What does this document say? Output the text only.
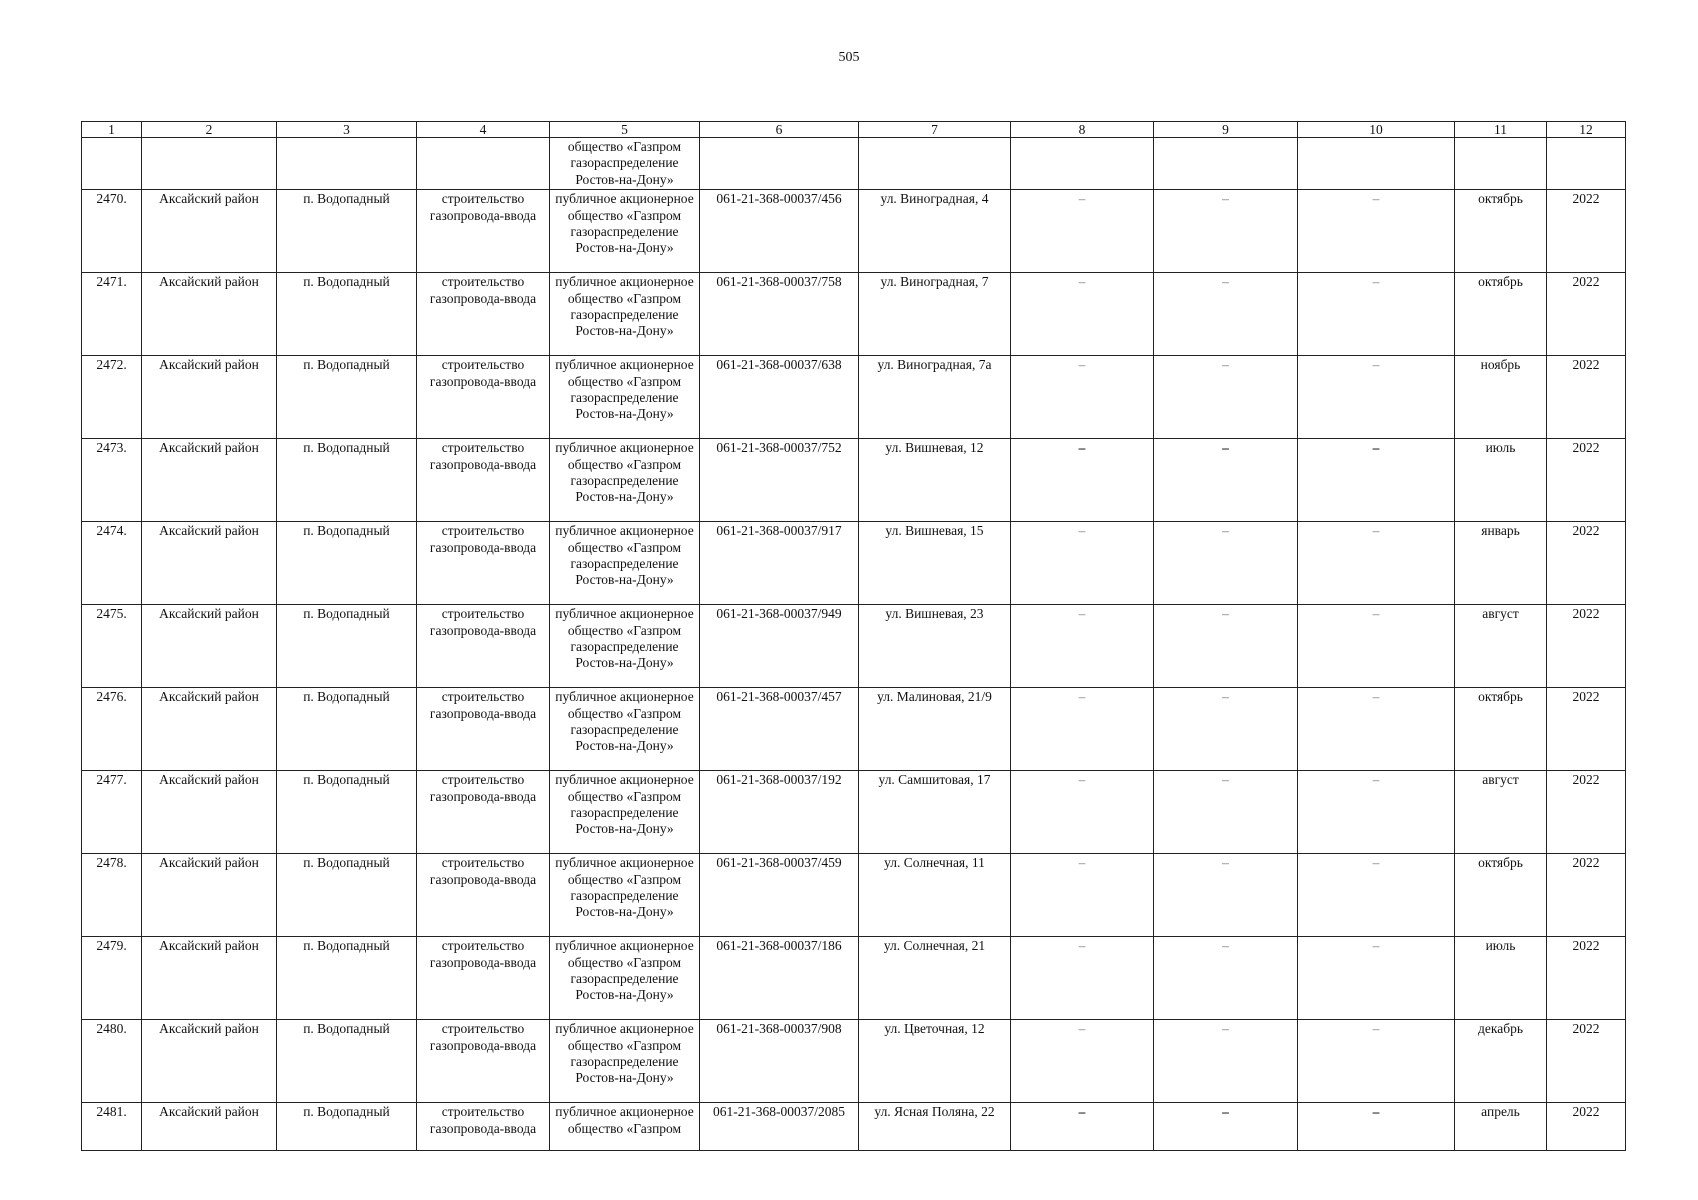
505
1	2	3	4	5	6	7	8	9	10	11	12
				общество «Газпром газораспределение Ростов-на-Дону»							
2470.	Аксайский район	п. Водопадный	строительство газопровода-ввода	публичное акционерное общество «Газпром газораспределение Ростов-на-Дону»	061-21-368-00037/456	ул. Виноградная, 4	–	–	–	октябрь	2022
2471.	Аксайский район	п. Водопадный	строительство газопровода-ввода	публичное акционерное общество «Газпром газораспределение Ростов-на-Дону»	061-21-368-00037/758	ул. Виноградная, 7	–	–	–	октябрь	2022
2472.	Аксайский район	п. Водопадный	строительство газопровода-ввода	публичное акционерное общество «Газпром газораспределение Ростов-на-Дону»	061-21-368-00037/638	ул. Виноградная, 7а	–	–	–	ноябрь	2022
2473.	Аксайский район	п. Водопадный	строительство газопровода-ввода	публичное акционерное общество «Газпром газораспределение Ростов-на-Дону»	061-21-368-00037/752	ул. Вишневая, 12	–	–	–	июль	2022
2474.	Аксайский район	п. Водопадный	строительство газопровода-ввода	публичное акционерное общество «Газпром газораспределение Ростов-на-Дону»	061-21-368-00037/917	ул. Вишневая, 15	–	–	–	январь	2022
2475.	Аксайский район	п. Водопадный	строительство газопровода-ввода	публичное акционерное общество «Газпром газораспределение Ростов-на-Дону»	061-21-368-00037/949	ул. Вишневая, 23	–	–	–	август	2022
2476.	Аксайский район	п. Водопадный	строительство газопровода-ввода	публичное акционерное общество «Газпром газораспределение Ростов-на-Дону»	061-21-368-00037/457	ул. Малиновая, 21/9	–	–	–	октябрь	2022
2477.	Аксайский район	п. Водопадный	строительство газопровода-ввода	публичное акционерное общество «Газпром газораспределение Ростов-на-Дону»	061-21-368-00037/192	ул. Самшитовая, 17	–	–	–	август	2022
2478.	Аксайский район	п. Водопадный	строительство газопровода-ввода	публичное акционерное общество «Газпром газораспределение Ростов-на-Дону»	061-21-368-00037/459	ул. Солнечная, 11	–	–	–	октябрь	2022
2479.	Аксайский район	п. Водопадный	строительство газопровода-ввода	публичное акционерное общество «Газпром газораспределение Ростов-на-Дону»	061-21-368-00037/186	ул. Солнечная, 21	–	–	–	июль	2022
2480.	Аксайский район	п. Водопадный	строительство газопровода-ввода	публичное акционерное общество «Газпром газораспределение Ростов-на-Дону»	061-21-368-00037/908	ул. Цветочная, 12	–	–	–	декабрь	2022
2481.	Аксайский район	п. Водопадный	строительство газопровода-ввода	публичное акционерное общество «Газпром	061-21-368-00037/2085	ул. Ясная Поляна, 22	–	–	–	апрель	2022
